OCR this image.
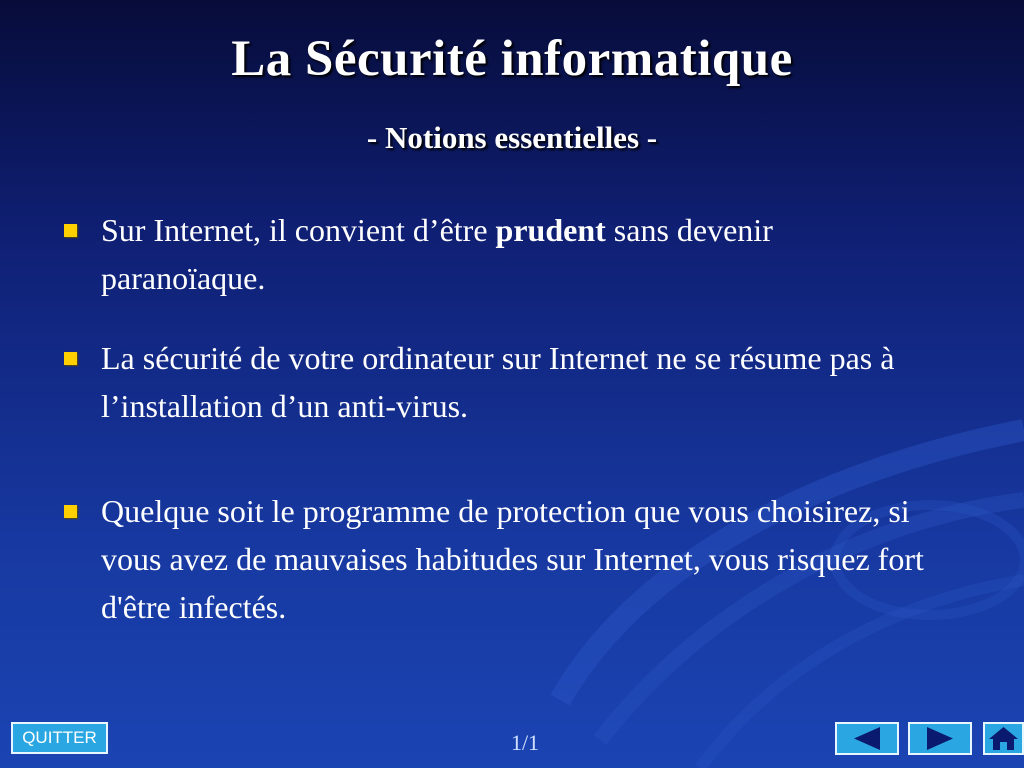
La Sécurité informatique
- Notions essentielles -
Sur Internet, il convient d’être prudent sans devenir paranoïaque.
La sécurité de votre ordinateur sur Internet ne se résume pas à l’installation d’un anti-virus.
Quelque soit le programme de protection que vous choisirez, si vous avez de mauvaises habitudes sur Internet, vous risquez fort d'être infectés.
QUITTER	1/1
